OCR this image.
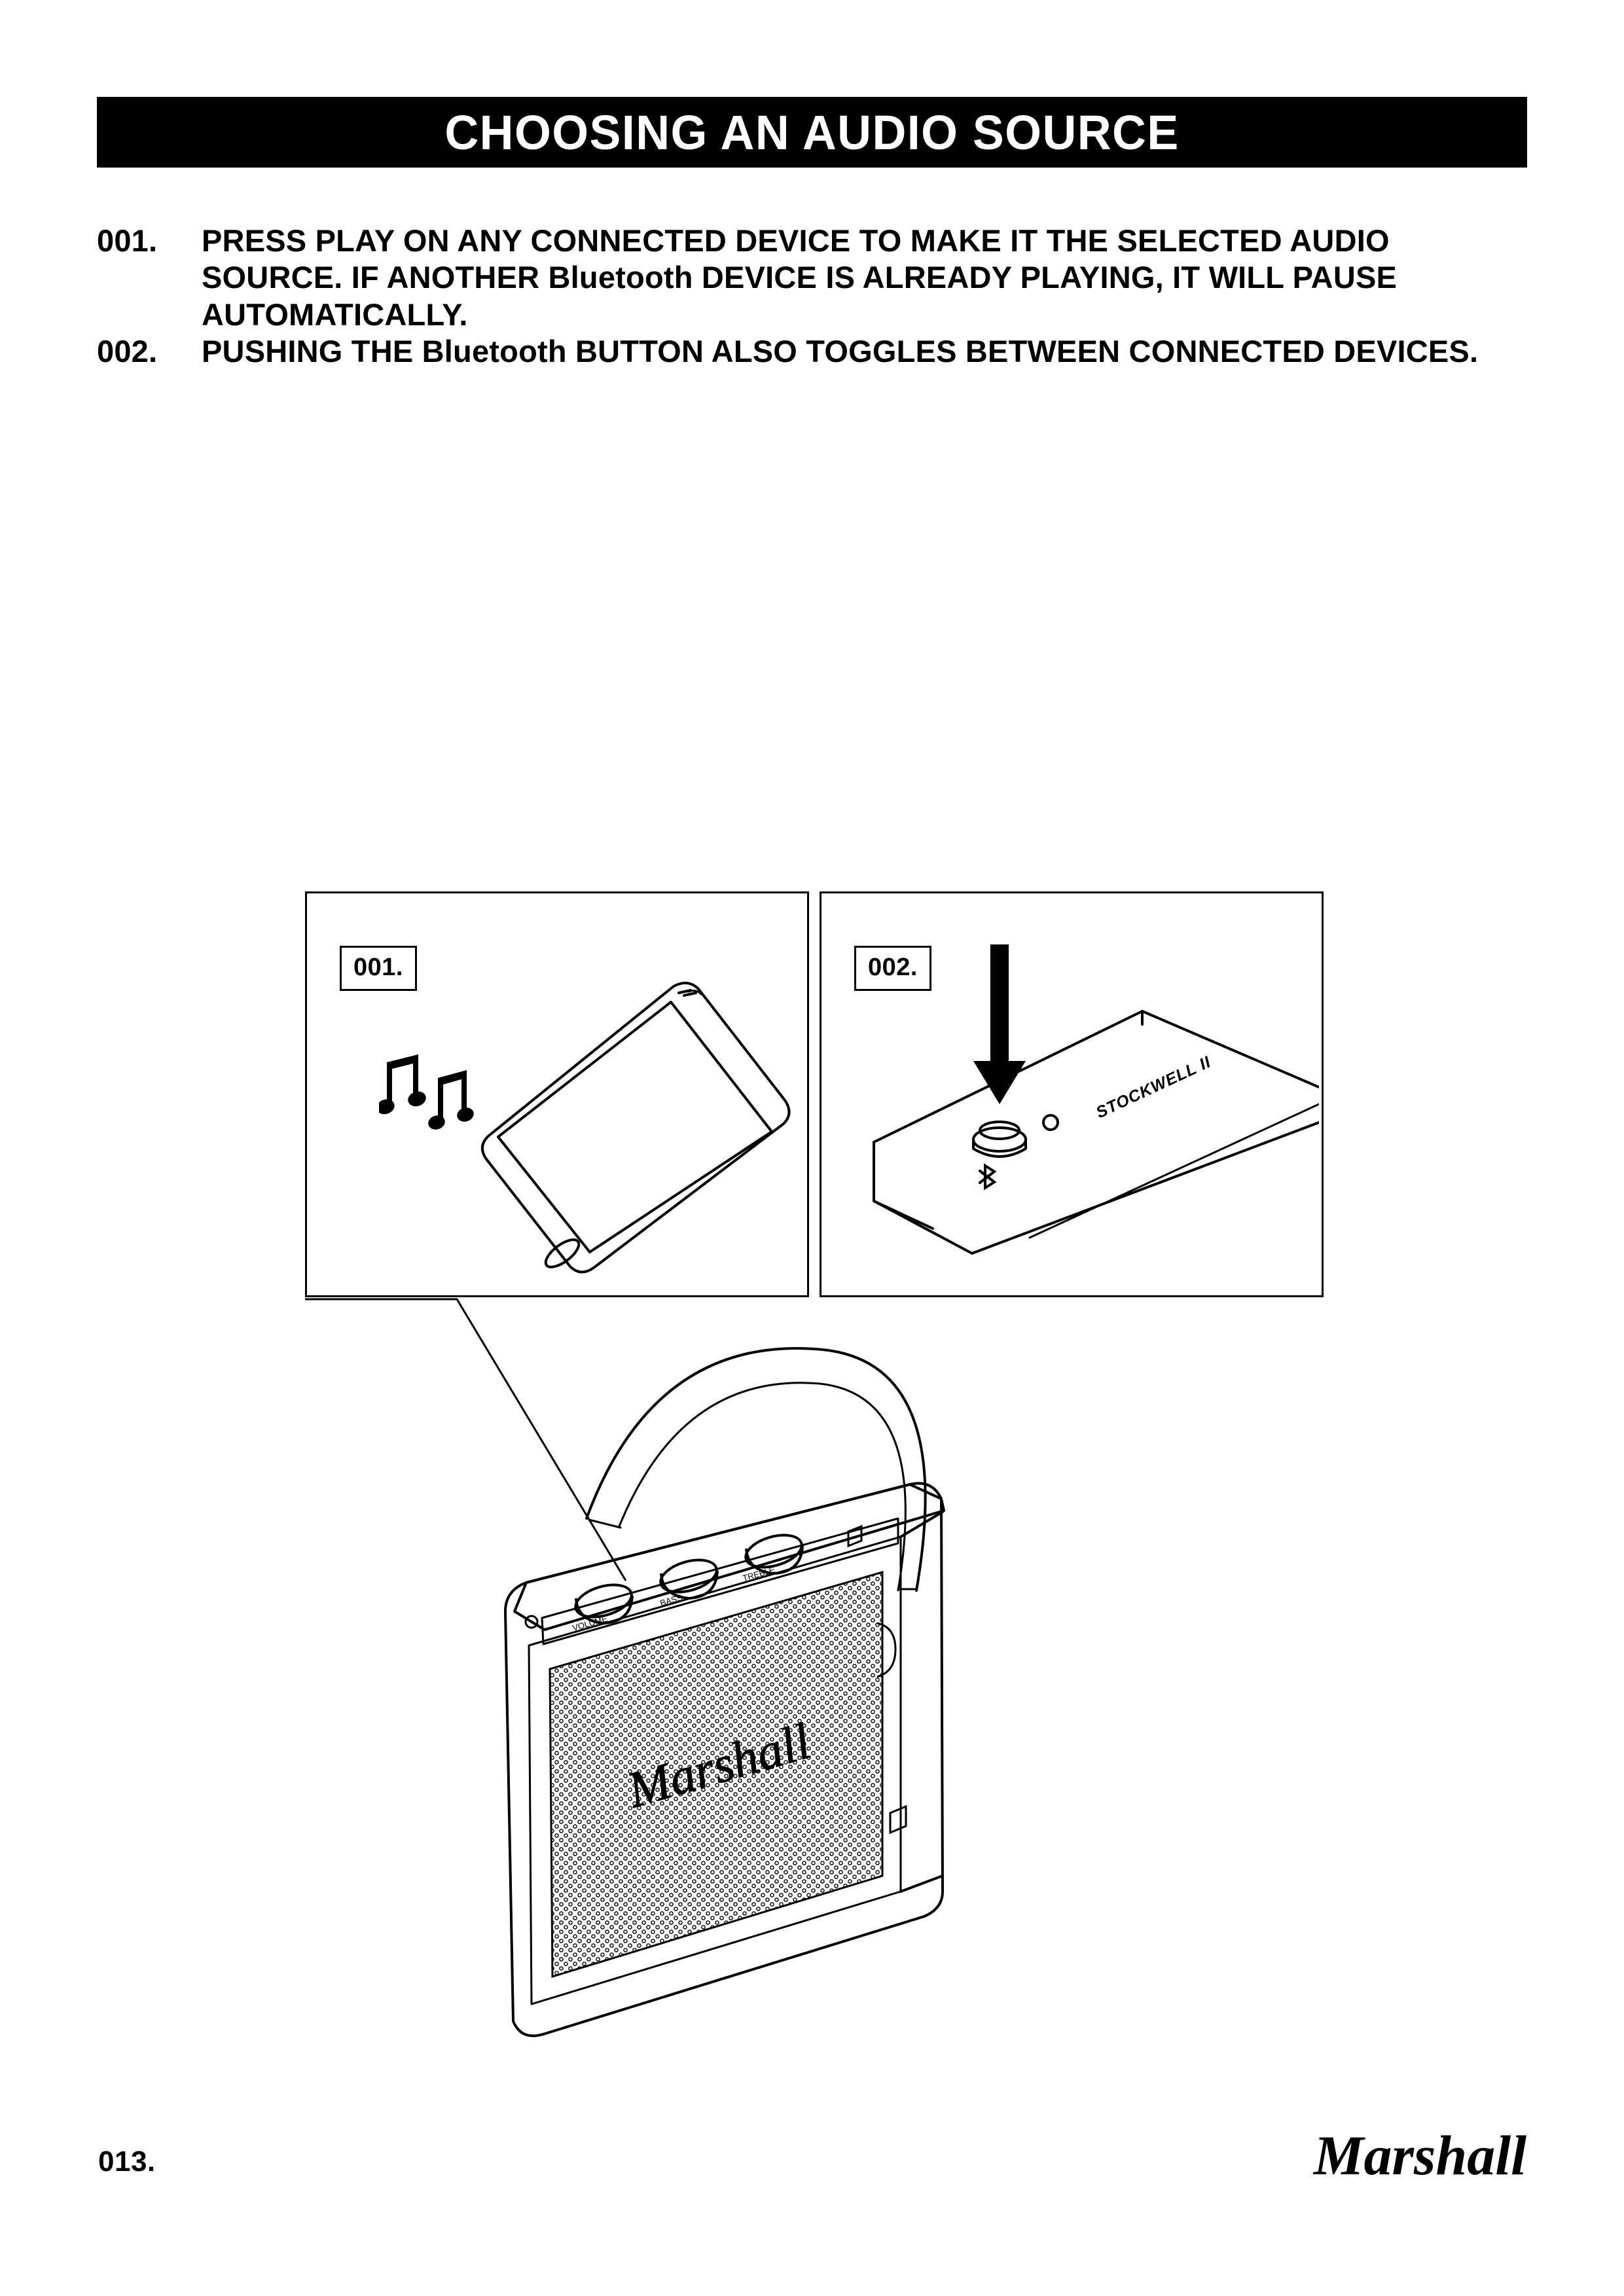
CHOOSING AN AUDIO SOURCE
001.	PRESS PLAY ON ANY CONNECTED DEVICE TO MAKE IT THE SELECTED AUDIO SOURCE. IF ANOTHER Bluetooth DEVICE IS ALREADY PLAYING, IT WILL PAUSE AUTOMATICALLY.
002.	PUSHING THE Bluetooth BUTTON ALSO TOGGLES BETWEEN CONNECTED DEVICES.
001.	002.
STOCKWELL II
Marshall
VOLUME
BASS
TREBLE
013.	Marshall
